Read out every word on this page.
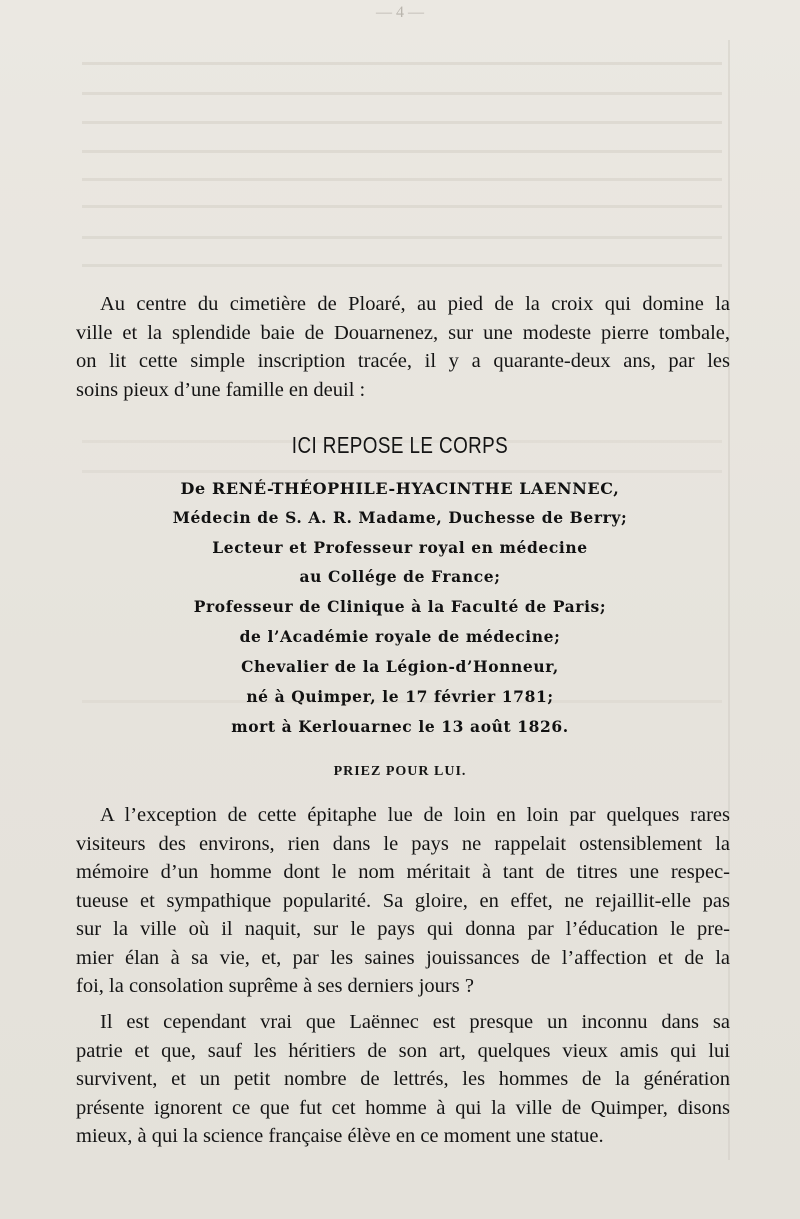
— 4 —
Au centre du cimetière de Ploaré, au pied de la croix qui domine la
ville et la splendide baie de Douarnenez, sur une modeste pierre tombale,
on lit cette simple inscription tracée, il y a quarante-deux ans, par les
soins pieux d’une famille en deuil :
ICI REPOSE LE CORPS
De RENÉ-THÉOPHILE-HYACINTHE LAENNEC,
Médecin de S. A. R. Madame, Duchesse de Berry;
Lecteur et Professeur royal en médecine
au Collége de France;
Professeur de Clinique à la Faculté de Paris;
de l’Académie royale de médecine;
Chevalier de la Légion-d’Honneur,
né à Quimper, le 17 février 1781;
mort à Kerlouarnec le 13 août 1826.
PRIEZ POUR LUI.
A l’exception de cette épitaphe lue de loin en loin par quelques rares
visiteurs des environs, rien dans le pays ne rappelait ostensiblement la
mémoire d’un homme dont le nom méritait à tant de titres une respec-
tueuse et sympathique popularité. Sa gloire, en effet, ne rejaillit-elle pas
sur la ville où il naquit, sur le pays qui donna par l’éducation le pre-
mier élan à sa vie, et, par les saines jouissances de l’affection et de la
foi, la consolation suprême à ses derniers jours ?
Il est cependant vrai que Laënnec est presque un inconnu dans sa
patrie et que, sauf les héritiers de son art, quelques vieux amis qui lui
survivent, et un petit nombre de lettrés, les hommes de la génération
présente ignorent ce que fut cet homme à qui la ville de Quimper, disons
mieux, à qui la science française élève en ce moment une statue.
